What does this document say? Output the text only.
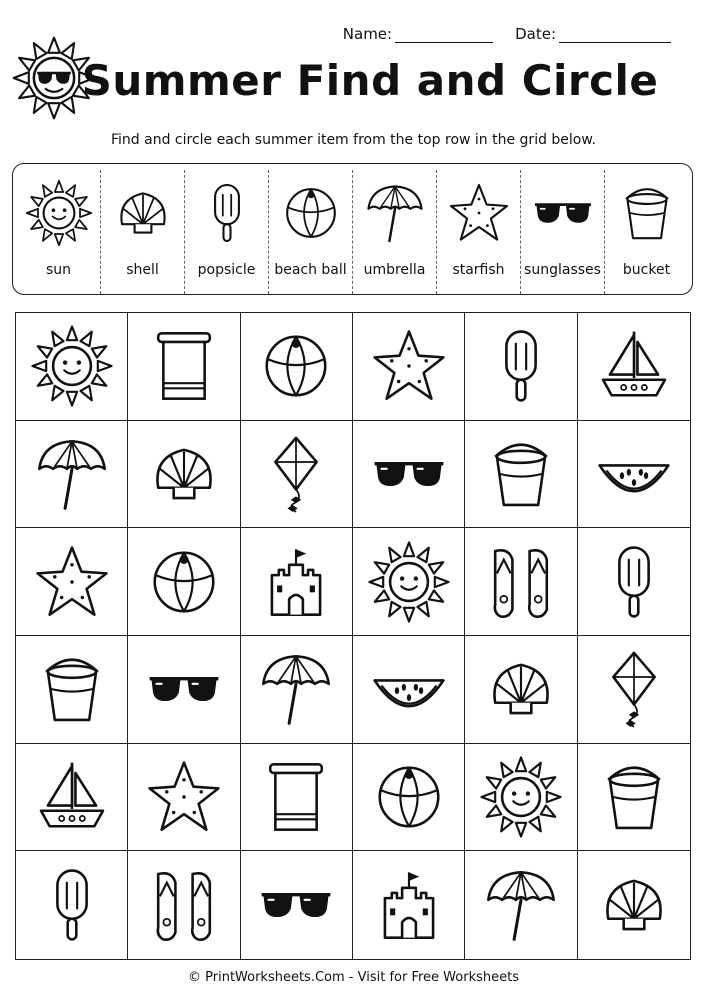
Name:	Date:
Summer Find and Circle
Find and circle each summer item from the top row in the grid below.
sun	shell	popsicle beach ball umbrella starfish sunglasses bucket
© PrintWorksheets.Com - Visit for Free Worksheets
